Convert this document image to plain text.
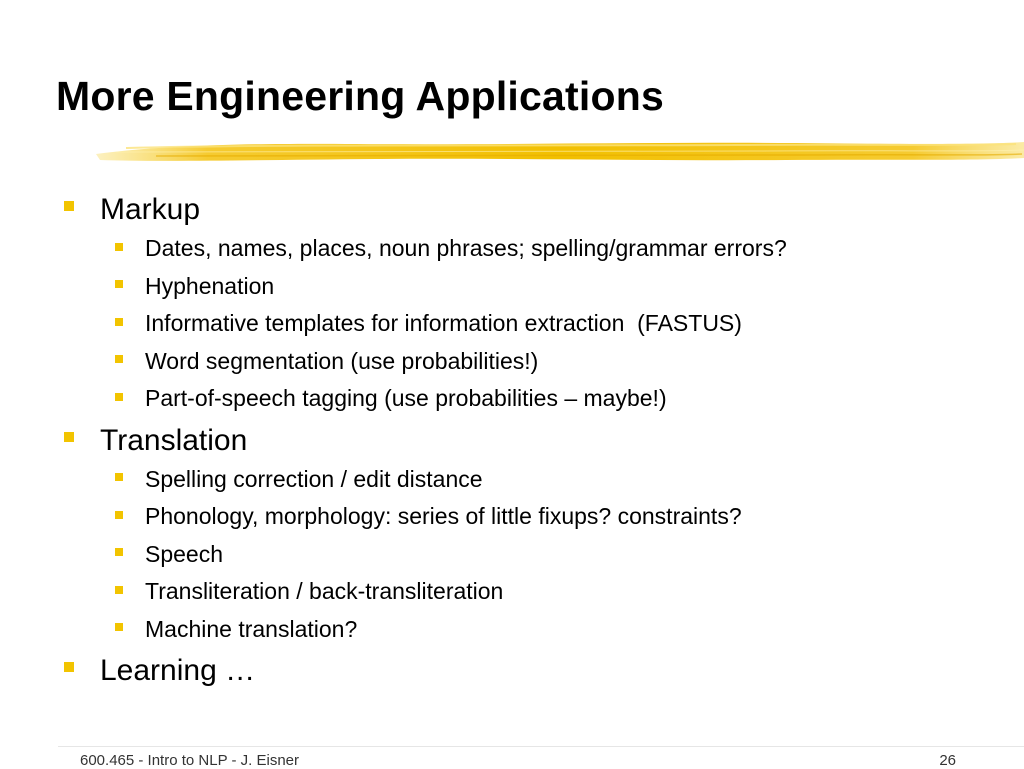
More Engineering Applications
Markup
Dates, names, places, noun phrases; spelling/grammar errors?
Hyphenation
Informative templates for information extraction  (FASTUS)
Word segmentation (use probabilities!)
Part-of-speech tagging (use probabilities – maybe!)
Translation
Spelling correction / edit distance
Phonology, morphology: series of little fixups? constraints?
Speech
Transliteration / back-transliteration
Machine translation?
Learning …
600.465 - Intro to NLP - J. Eisner	26
